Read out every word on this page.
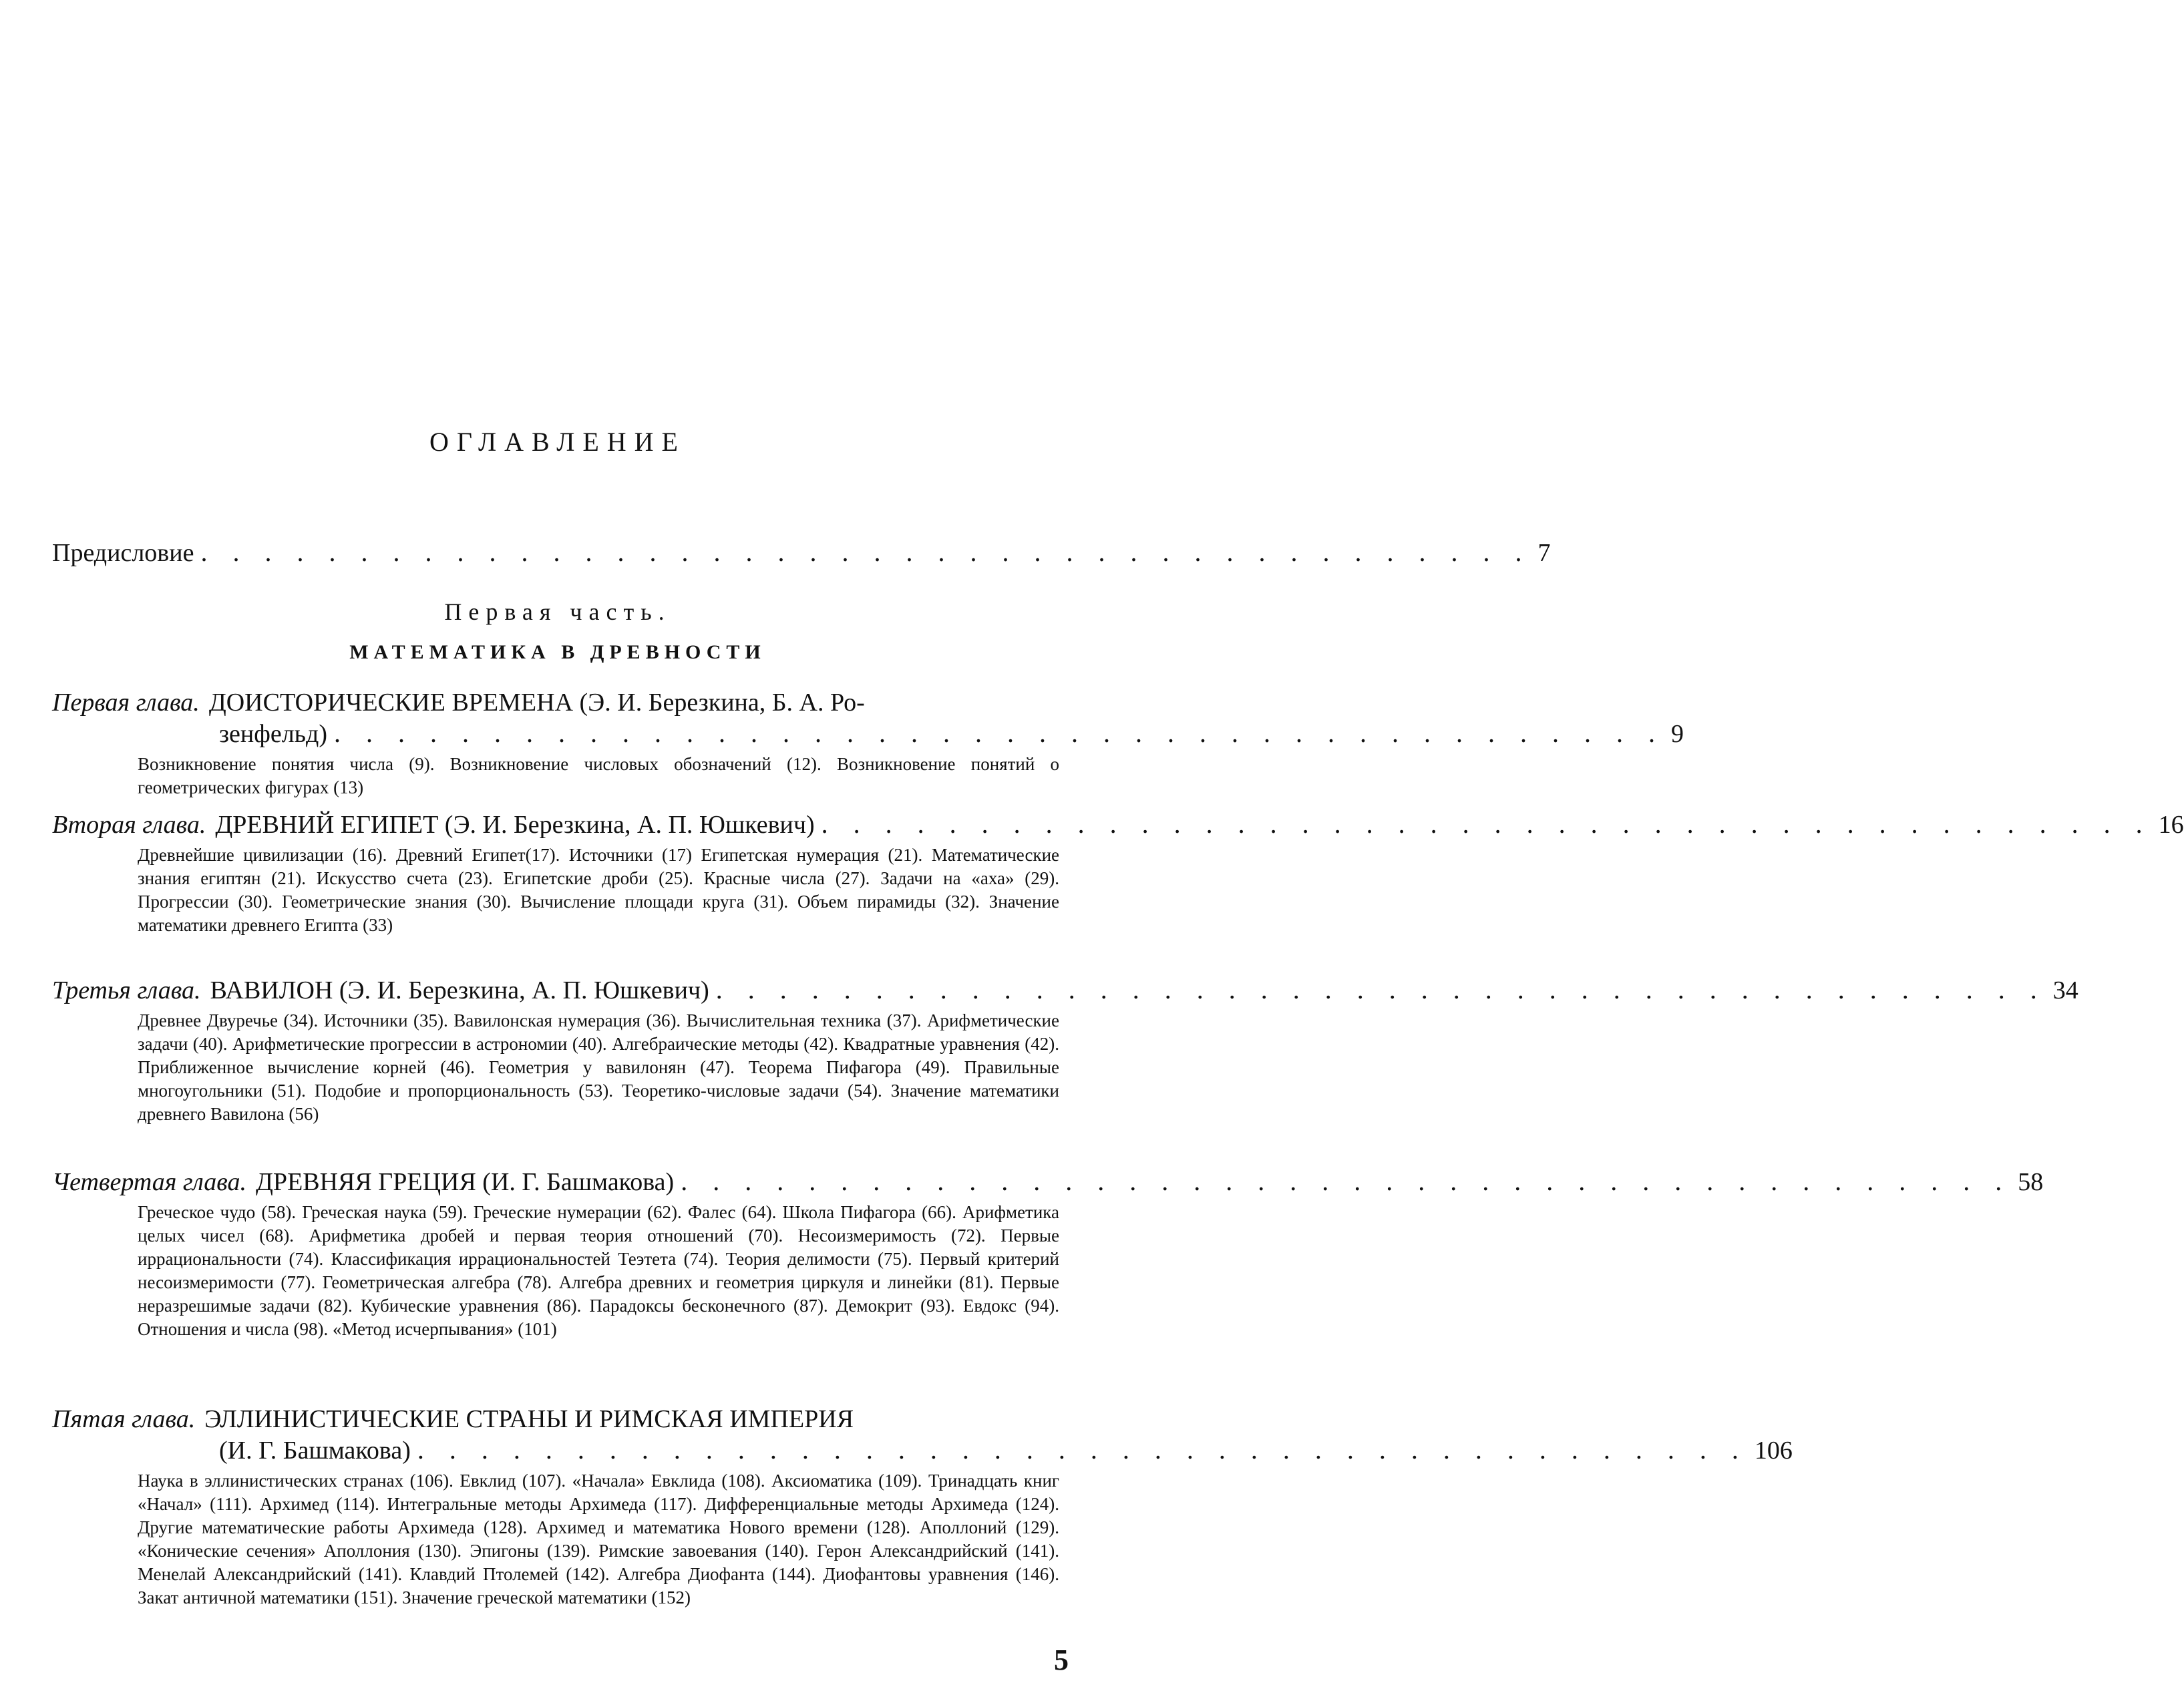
ОГЛАВЛЕНИЕ
Предисловие . . . . . . . . . . . . . . . . . . . . . . . . . . . . . . . . . . . . . . . . . . 7
Первая часть.
МАТЕМАТИКА В ДРЕВНОСТИ
Первая глава. ДОИСТОРИЧЕСКИЕ ВРЕМЕНА (Э. И. Березкина, Б. А. Ро-
зенфельд) . . . . . . . . . . . . . . . . . . . . . . . . . . . . . . . . . . . . . . . . . . 9
Возникновение понятия числа (9). Возникновение числовых обозначений (12). Возникновение понятий о геометрических фигурах (13)
Вторая глава. ДРЕВНИЙ ЕГИПЕТ (Э. И. Березкина, А. П. Юшкевич) . . . . . . . . . . . . . . . . . . . . . . . . . . . . . . . . . . . . . . . . . . 16
Древнейшие цивилизации (16). Древний Египет(17). Источники (17) Египетская нумерация (21). Математические знания египтян (21). Искусство счета (23). Египетские дроби (25). Красные числа (27). Задачи на «аха» (29). Прогрессии (30). Геометрические знания (30). Вычисление площади круга (31). Объем пирамиды (32). Значение математики древнего Египта (33)
Третья глава. ВАВИЛОН (Э. И. Березкина, А. П. Юшкевич) . . . . . . . . . . . . . . . . . . . . . . . . . . . . . . . . . . . . . . . . . . 34
Древнее Двуречье (34). Источники (35). Вавилонская нумерация (36). Вычислительная техника (37). Арифметические задачи (40). Арифметические прогрессии в астрономии (40). Алгебраические методы (42). Квадратные уравнения (42). Приближенное вычисление корней (46). Геометрия у вавилонян (47). Теорема Пифагора (49). Правильные многоугольники (51). Подобие и пропорциональность (53). Теоретико-числовые задачи (54). Значение математики древнего Вавилона (56)
Четвертая глава. ДРЕВНЯЯ ГРЕЦИЯ (И. Г. Башмакова) . . . . . . . . . . . . . . . . . . . . . . . . . . . . . . . . . . . . . . . . . . 58
Греческое чудо (58). Греческая наука (59). Греческие нумерации (62). Фалес (64). Школа Пифагора (66). Арифметика целых чисел (68). Арифметика дробей и первая теория отношений (70). Несоизмеримость (72). Первые иррациональности (74). Классификация иррациональностей Теэтета (74). Теория делимости (75). Первый критерий несоизмеримости (77). Геометрическая алгебра (78). Алгебра древних и геометрия циркуля и линейки (81). Первые неразрешимые задачи (82). Кубические уравнения (86). Парадоксы бесконечного (87). Демокрит (93). Евдокс (94). Отношения и числа (98). «Метод исчерпывания» (101)
Пятая глава. ЭЛЛИНИСТИЧЕСКИЕ СТРАНЫ И РИМСКАЯ ИМПЕРИЯ
(И. Г. Башмакова) . . . . . . . . . . . . . . . . . . . . . . . . . . . . . . . . . . . . . . . . . . 106
Наука в эллинистических странах (106). Евклид (107). «Начала» Евклида (108). Аксиоматика (109). Тринадцать книг «Начал» (111). Архимед (114). Интегральные методы Архимеда (117). Дифференциальные методы Архимеда (124). Другие математические работы Архимеда (128). Архимед и математика Нового времени (128). Аполлоний (129). «Конические сечения» Аполлония (130). Эпигоны (139). Римские завоевания (140). Герон Александрийский (141). Менелай Александрийский (141). Клавдий Птолемей (142). Алгебра Диофанта (144). Диофантовы уравнения (146). Закат античной математики (151). Значение греческой математики (152)
5
